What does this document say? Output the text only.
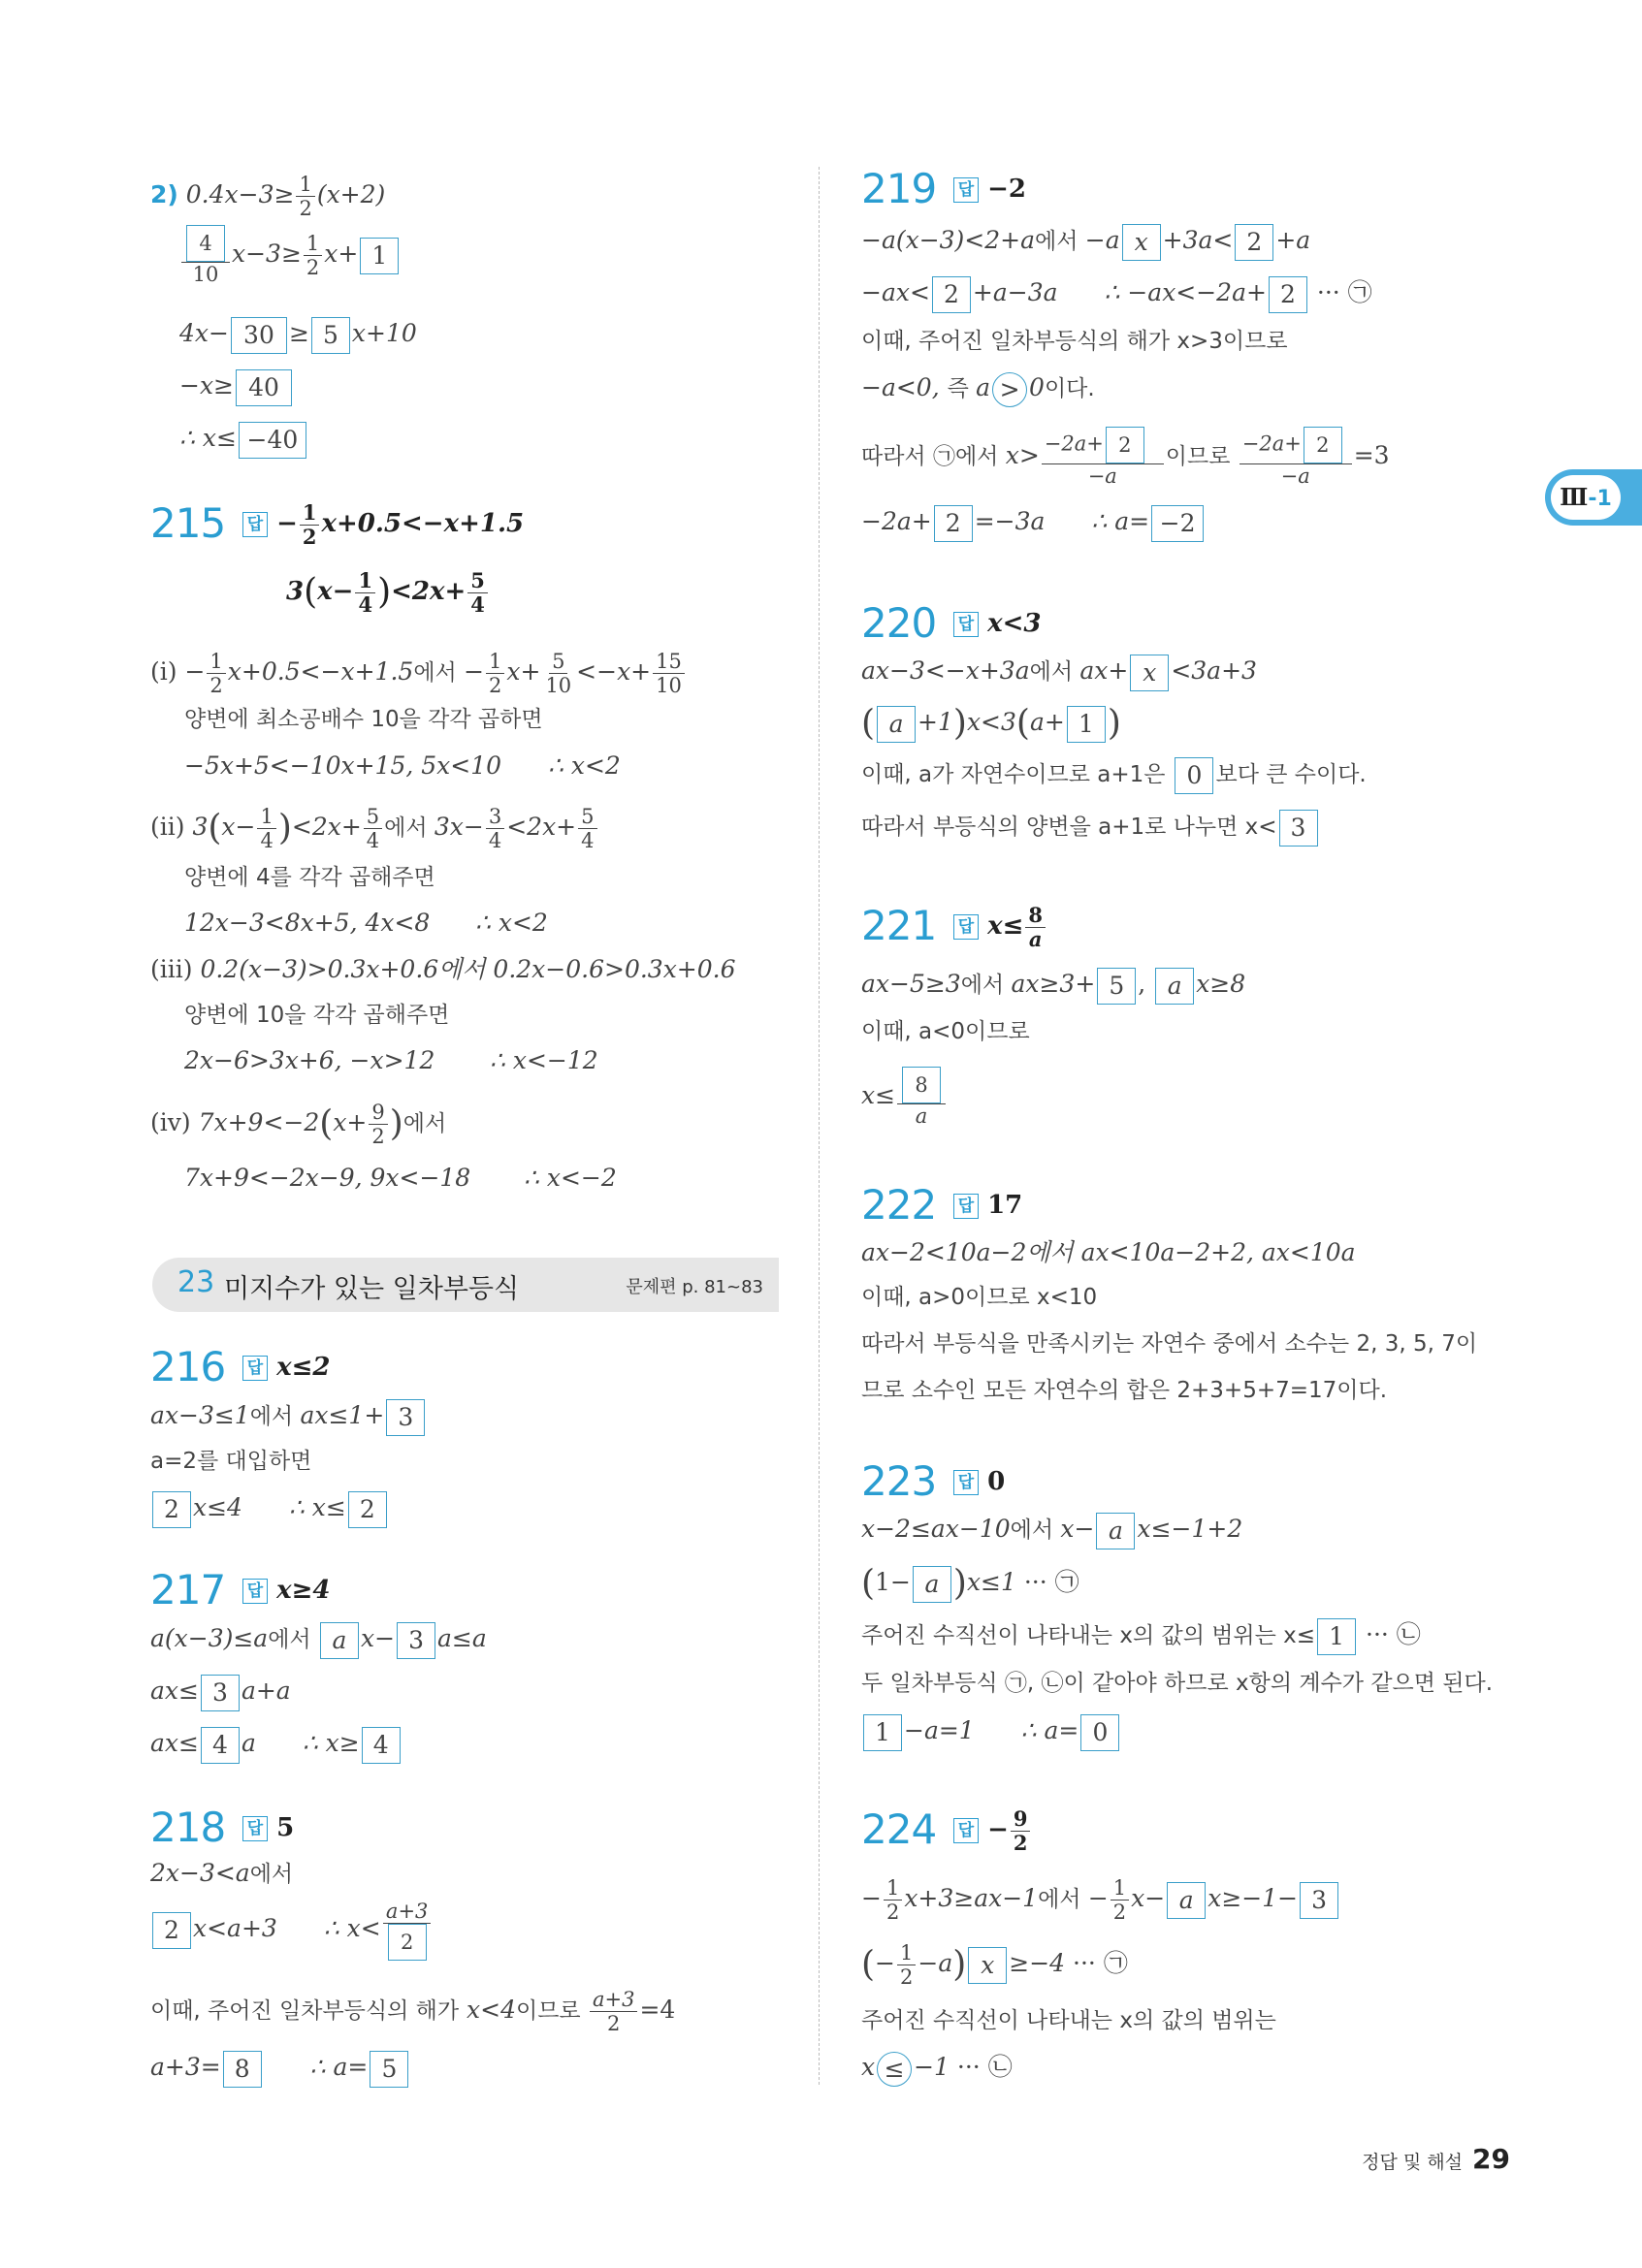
Ⅲ-1
2) $0.4x-3\ge \frac{1}{2} (x+2)$
$\frac{4}{10} x-3\ge \frac{1}{2} x+ 1$
4x− 30 ≥ 5 x+10
−x≥ 40
∴ x≤ −40
215 답 − $\frac{1}{2} x+0.5<-x+1.5$
$3(x- \frac{1}{4} )<2x+ \frac{5}{4}$
(ⅰ) − $\frac{1}{2} x+0.5<-x+1.5$에서 − $\frac{1}{2} x+ \frac{5}{10} <-x+ \frac{15}{10}$
양변에 최소공배수 10을 각각 곱하면
−5x+5<−10x+15, 5x<10 ∴ x<2
(ⅱ) $3(x- \frac{1}{4} )<2x+ \frac{5}{4}$ 에서 $3x- \frac{3}{4} <2x+ \frac{5}{4}$
양변에 4를 각각 곱해주면
12x−3<8x+5, 4x<8 ∴ x<2
(ⅲ) 0.2(x−3)>0.3x+0.6에서 0.2x−0.6>0.3x+0.6
양변에 10을 각각 곱해주면
2x−6>3x+6, −x>12 ∴ x<−12
(ⅳ) $7x+9<-2(x+ \frac{9}{2}$ )에서
7x+9<−2x−9, 9x<−18 ∴ x<−2
23 미지수가 있는 일차부등식	문제편 p. 81~83
216 답 x≤2
ax−3≤1에서 ax≤1+ 3
a=2를 대입하면
2 x≤4 ∴ x≤ 2
217 답 x≥4
a(x−3)≤a에서 a x− 3 a≤a
ax≤ 3 a+a
ax≤ 4 a ∴ x≥ 4
218 답 5
2x−3<a에서
2 x<a+3 ∴ $x< \frac{a+3}{2}$
이때, 주어진 일차부등식의 해가 x<4이므로 $\frac{a+3}{2} =4$
a+3= 8 ∴ a= 5
219 답 −2
−a(x−3)<2+a에서 −a x +3a< 2 +a
−ax< 2 +a−3a ∴ −ax<−2a+ 2 ··· ㉠
이때, 주어진 일차부등식의 해가 x>3이므로
−a<0, 즉 a > 0이다.
따라서 ㉠에서 $x> \frac{-2a+ 2}{-a}$ 이므로 $\frac{-2a+ 2}{-a} =3$
−2a+ 2 =−3a ∴ a= −2
220 답 x<3
ax−3<−x+3a에서 ax+ x <3a+3
( a +1)x<3(a+ 1 )
이때, a가 자연수이므로 a+1은 0 보다 큰 수이다.
따라서 부등식의 양변을 a+1로 나누면 x< 3
221 답 $x\le \frac{8}{a}$
ax−5≥3에서 ax≥3+ 5 , a x≥8
이때, a<0이므로
$x\le \frac{8}{a}$
222 답 17
ax−2<10a−2에서 ax<10a−2+2, ax<10a
이때, a>0이므로 x<10
따라서 부등식을 만족시키는 자연수 중에서 소수는 2, 3, 5, 7이
므로 소수인 모든 자연수의 합은 2+3+5+7=17이다.
223 답 0
x−2≤ax−10에서 x− a x≤−1+2
(1− a )x≤1 ··· ㉠
주어진 수직선이 나타내는 x의 값의 범위는 x≤ 1 ··· ㉡
두 일차부등식 ㉠, ㉡이 같아야 하므로 x항의 계수가 같으면 된다.
1 −a=1 ∴ a= 0
224 답 − $\frac{9}{2}$
− $\frac{1}{2} x+3\ge ax-1$에서 − $\frac{1}{2} x- a$ x≥−1− 3
(− $\frac{1}{2} -a$) x ≥−4 ··· ㉠
주어진 수직선이 나타내는 x의 값의 범위는
x ≤ −1 ··· ㉡
정답 및 해설 29
